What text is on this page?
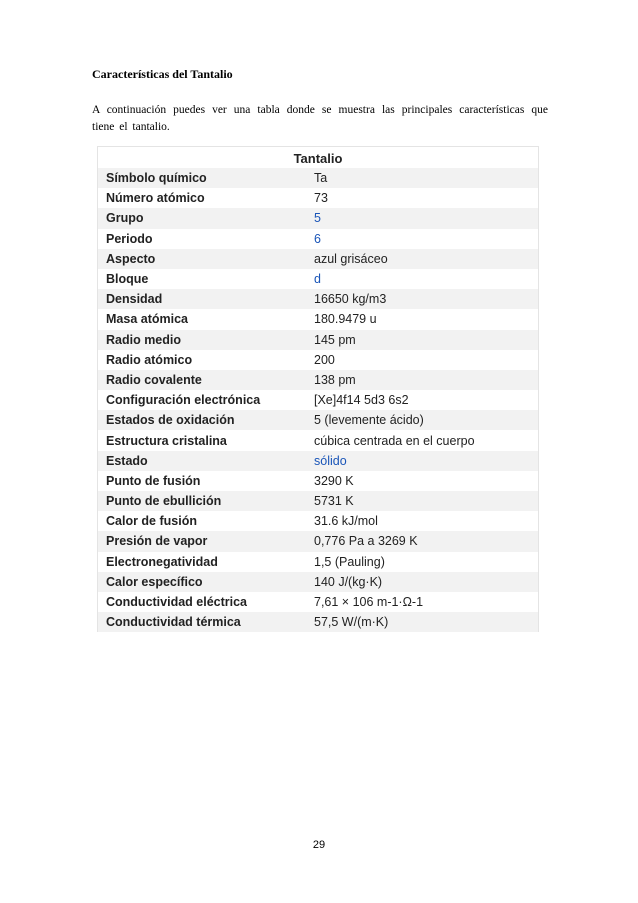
Características del Tantalio
A continuación puedes ver una tabla donde se muestra las principales características que tiene el tantalio.
Tantalio
Símbolo químico	Ta
Número atómico	73
Grupo	5
Periodo	6
Aspecto	azul grisáceo
Bloque	d
Densidad	16650 kg/m3
Masa atómica	180.9479 u
Radio medio	145 pm
Radio atómico	200
Radio covalente	138 pm
Configuración electrónica	[Xe]4f14 5d3 6s2
Estados de oxidación	5 (levemente ácido)
Estructura cristalina	cúbica centrada en el cuerpo
Estado	sólido
Punto de fusión	3290 K
Punto de ebullición	5731 K
Calor de fusión	31.6 kJ/mol
Presión de vapor	0,776 Pa a 3269 K
Electronegatividad	1,5 (Pauling)
Calor específico	140 J/(kg·K)
Conductividad eléctrica	7,61 × 106 m-1·Ω-1
Conductividad térmica	57,5 W/(m·K)
29
